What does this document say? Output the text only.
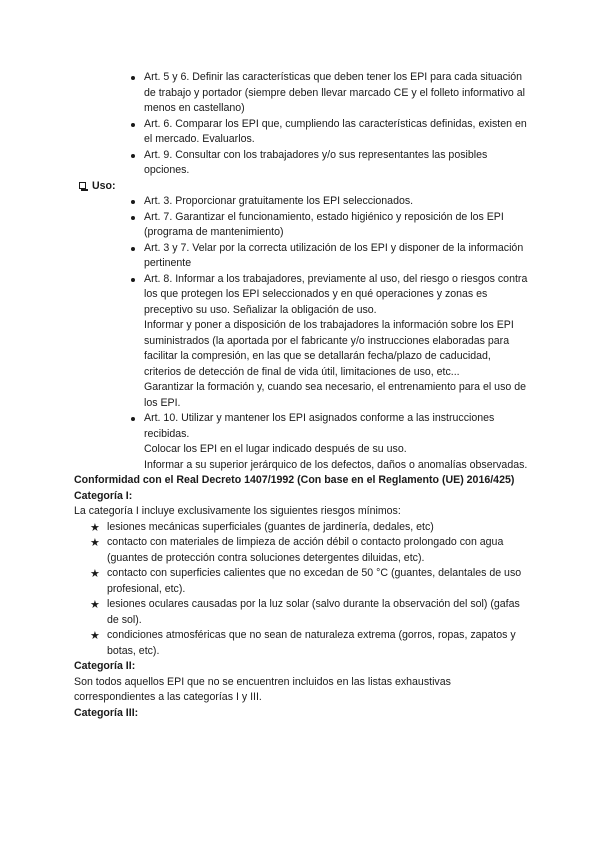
Art. 5 y 6. Definir las características que deben tener los EPI para cada situación de trabajo y portador (siempre deben llevar marcado CE y el folleto informativo al menos en castellano)
Art. 6. Comparar los EPI que, cumpliendo las características definidas, existen en el mercado. Evaluarlos.
Art. 9. Consultar con los trabajadores y/o sus representantes las posibles opciones.
Uso:
Art. 3. Proporcionar gratuitamente los EPI seleccionados.
Art. 7. Garantizar el funcionamiento, estado higiénico y reposición de los EPI (programa de mantenimiento)
Art. 3 y 7. Velar por la correcta utilización de los EPI y disponer de la información pertinente
Art. 8. Informar a los trabajadores, previamente al uso, del riesgo o riesgos contra los que protegen los EPI seleccionados y en qué operaciones y zonas es preceptivo su uso. Señalizar la obligación de uso.
Informar y poner a disposición de los trabajadores la información sobre los EPI suministrados (la aportada por el fabricante y/o instrucciones elaboradas para facilitar la compresión, en las que se detallarán fecha/plazo de caducidad, criterios de detección de final de vida útil, limitaciones de uso, etc...
Garantizar la formación y, cuando sea necesario, el entrenamiento para el uso de los EPI.
Art. 10. Utilizar y mantener los EPI asignados conforme a las instrucciones recibidas.
Colocar los EPI en el lugar indicado después de su uso.
Informar a su superior jerárquico de los defectos, daños o anomalías observadas.
Conformidad con el Real Decreto 1407/1992 (Con base en el Reglamento (UE) 2016/425)
Categoría I:
La categoría I incluye exclusivamente los siguientes riesgos mínimos:
★ lesiones mecánicas superficiales (guantes de jardinería, dedales, etc)
★ contacto con materiales de limpieza de acción débil o contacto prolongado con agua (guantes de protección contra soluciones detergentes diluidas, etc).
★ contacto con superficies calientes que no excedan de 50 °C (guantes, delantales de uso profesional, etc).
★ lesiones oculares causadas por la luz solar (salvo durante la observación del sol) (gafas de sol).
★ condiciones atmosféricas que no sean de naturaleza extrema (gorros, ropas, zapatos y botas, etc).
Categoría II:
Son todos aquellos EPI que no se encuentren incluidos en las listas exhaustivas correspondientes a las categorías I y III.
Categoría III:
